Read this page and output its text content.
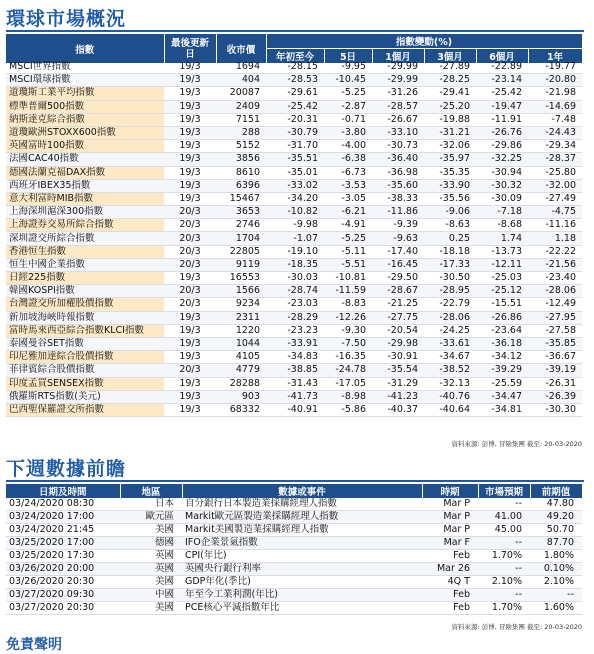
環球市場概況
指數	最後更新日	收市價	指數變動(%)					
			年初至今	5日	1個月	3個月	6個月	1年
MSCI世界指數	19/3	1694	-28.15	-9.95	-29.99	-27.89	-22.89	-19.77
MSCI環球指數	19/3	404	-28.53	-10.45	-29.99	-28.25	-23.14	-20.80
道瓊斯工業平均指數	19/3	20087	-29.61	-5.25	-31.26	-29.41	-25.42	-21.98
標準普爾500指數	19/3	2409	-25.42	-2.87	-28.57	-25.20	-19.47	-14.69
納斯達克綜合指數	19/3	7151	-20.31	-0.71	-26.67	-19.88	-11.91	-7.48
道瓊歐洲STOXX600指數	19/3	288	-30.79	-3.80	-33.10	-31.21	-26.76	-24.43
英國富時100指數	19/3	5152	-31.70	-4.00	-30.73	-32.06	-29.86	-29.34
法國CAC40指數	19/3	3856	-35.51	-6.38	-36.40	-35.97	-32.25	-28.37
德國法蘭克福DAX指數	19/3	8610	-35.01	-6.73	-36.98	-35.35	-30.94	-25.80
西班牙IBEX35指數	19/3	6396	-33.02	-3.53	-35.60	-33.90	-30.32	-32.00
意大利富時MIB指數	19/3	15467	-34.20	-3.05	-38.33	-35.56	-30.09	-27.49
上海深圳滬深300指數	20/3	3653	-10.82	-6.21	-11.86	-9.06	-7.18	-4.75
上海證券交易所綜合指數	20/3	2746	-9.98	-4.91	-9.39	-8.63	-8.68	-11.16
深圳證交所綜合指數	20/3	1704	-1.07	-5.25	-9.63	0.25	1.74	1.18
香港恒生指數	20/3	22805	-19.10	-5.11	-17.40	-18.18	-13.73	-22.22
恒生中國企業指數	20/3	9119	-18.35	-5.51	-16.45	-17.33	-12.11	-21.56
日經225指數	19/3	16553	-30.03	-10.81	-29.50	-30.50	-25.03	-23.40
韓國KOSPI指數	20/3	1566	-28.74	-11.59	-28.67	-28.95	-25.12	-28.06
台灣證交所加權股價指數	20/3	9234	-23.03	-8.83	-21.25	-22.79	-15.51	-12.49
新加坡海峽時報指數	19/3	2311	-28.29	-12.26	-27.75	-28.06	-26.86	-27.95
富時馬來西亞綜合指數KLCI指數	19/3	1220	-23.23	-9.30	-20.54	-24.25	-23.64	-27.58
泰國曼谷SET指數	19/3	1044	-33.91	-7.50	-29.98	-33.61	-36.18	-35.85
印尼雅加達綜合股價指數	19/3	4105	-34.83	-16.35	-30.91	-34.67	-34.12	-36.67
菲律賓綜合股價指數	20/3	4779	-38.85	-24.78	-35.54	-38.52	-39.29	-39.19
印度孟買SENSEX指數	19/3	28288	-31.43	-17.05	-31.29	-32.13	-25.59	-26.31
俄羅斯RTS指數(美元)	19/3	903	-41.73	-8.98	-41.23	-40.76	-34.47	-26.39
巴西聖保羅證交所指數	19/3	68332	-40.91	-5.86	-40.37	-40.64	-34.81	-30.30
資料來源: 彭博, 冒險集團 截至: 20-03-2020
下週數據前瞻
日期及時間	地區	數據或事件	時期	市場預期	前期值
03/24/2020 08:30	日本	自分銀行日本製造業採購經理人指數	Mar P	--	47.80
03/24/2020 17:00	歐元區	Markit歐元區製造業採購經理人指數	Mar P	41.00	49.20
03/24/2020 21:45	美國	Markit美國製造業採購經理人指數	Mar P	45.00	50.70
03/25/2020 17:00	德國	IFO企業景氣指數	Mar F	--	87.70
03/25/2020 17:30	英國	CPI(年比)	Feb	1.70%	1.80%
03/26/2020 20:00	英國	英國央行銀行利率	Mar 26	--	0.10%
03/26/2020 20:30	美國	GDP年化(季比)	4Q T	2.10%	2.10%
03/27/2020 09:30	中國	年至今工業利潤(年比)	Feb	--	--
03/27/2020 20:30	美國	PCE核心平減指數年比	Feb	1.70%	1.60%
資料來源: 彭博, 冒險集團 截至: 20-03-2020
免責聲明
